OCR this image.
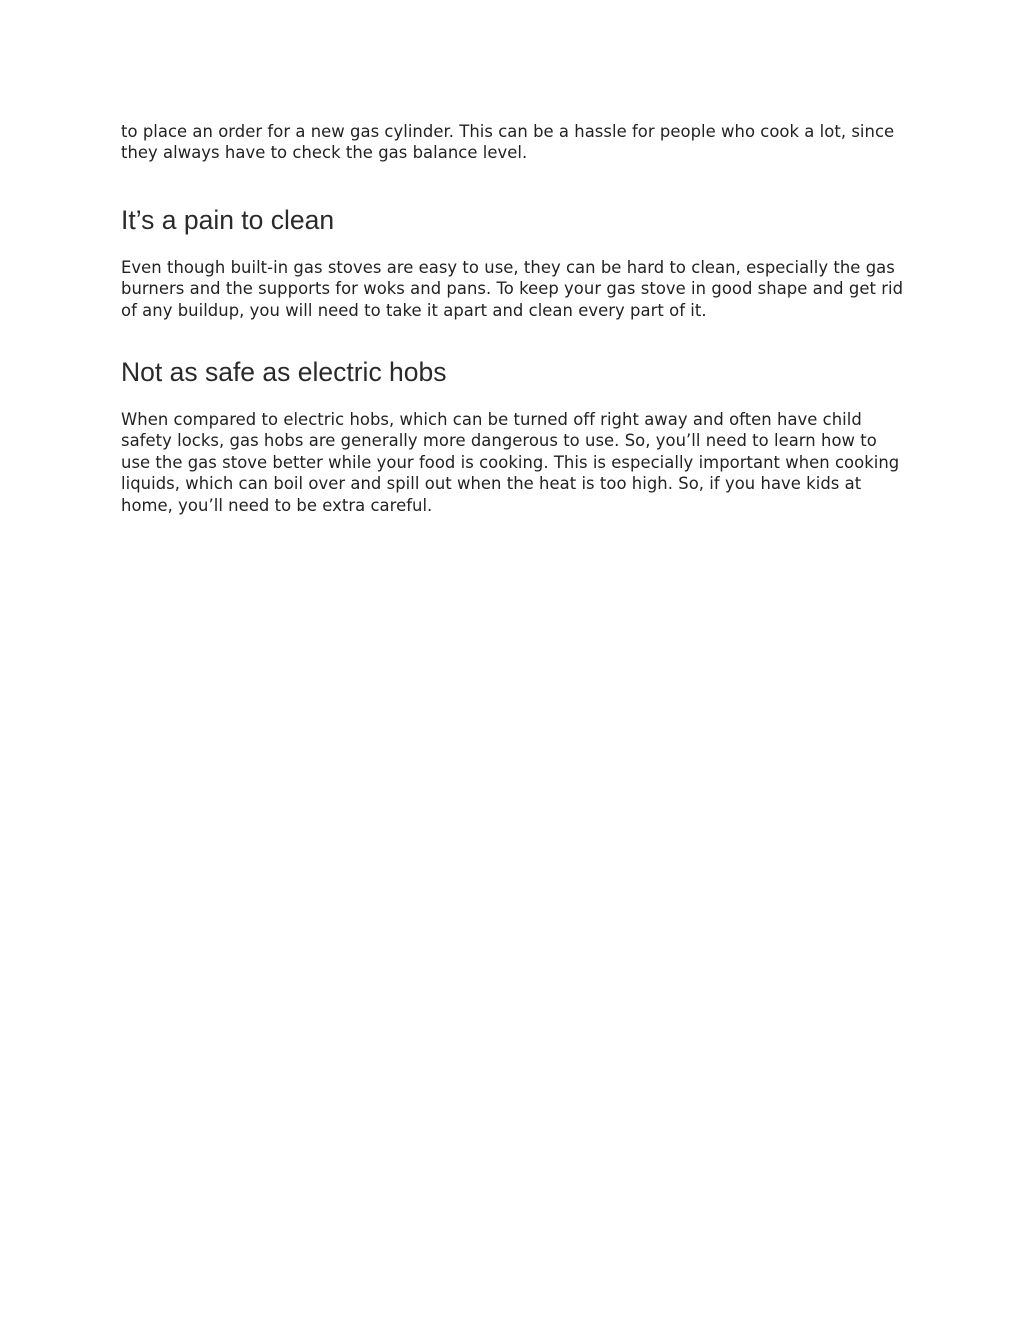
to place an order for a new gas cylinder. This can be a hassle for people who cook a lot, since they always have to check the gas balance level.

It’s a pain to clean

Even though built-in gas stoves are easy to use, they can be hard to clean, especially the gas burners and the supports for woks and pans. To keep your gas stove in good shape and get rid of any buildup, you will need to take it apart and clean every part of it.

Not as safe as electric hobs

When compared to electric hobs, which can be turned off right away and often have child safety locks, gas hobs are generally more dangerous to use. So, you’ll need to learn how to use the gas stove better while your food is cooking. This is especially important when cooking liquids, which can boil over and spill out when the heat is too high. So, if you have kids at home, you’ll need to be extra careful.
